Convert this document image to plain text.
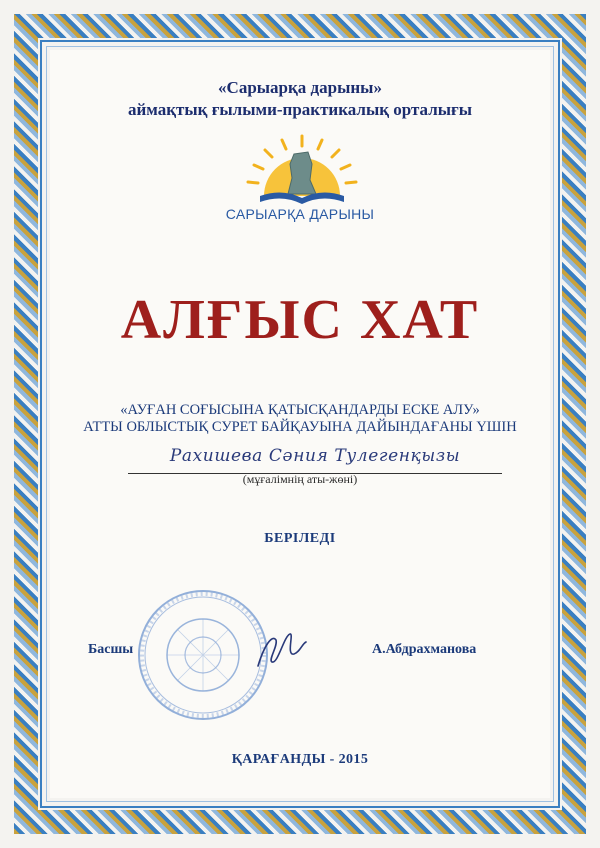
«Сарыарқа дарыны»
аймақтық ғылыми-практикалық орталығы
САРЫАРҚА ДАРЫНЫ
АЛҒЫС ХАТ
«АУҒАН СОҒЫСЫНА ҚАТЫСҚАНДАРДЫ ЕСКЕ АЛУ»
АТТЫ ОБЛЫСТЫҚ СУРЕТ БАЙҚАУЫНА ДАЙЫНДАҒАНЫ ҮШІН
Рахишева Сәния Тулегенқызы
(мұғалімнің аты-жөні)
БЕРІЛЕДІ
Басшы	А.Абдрахманова
ҚАРАҒАНДЫ - 2015
